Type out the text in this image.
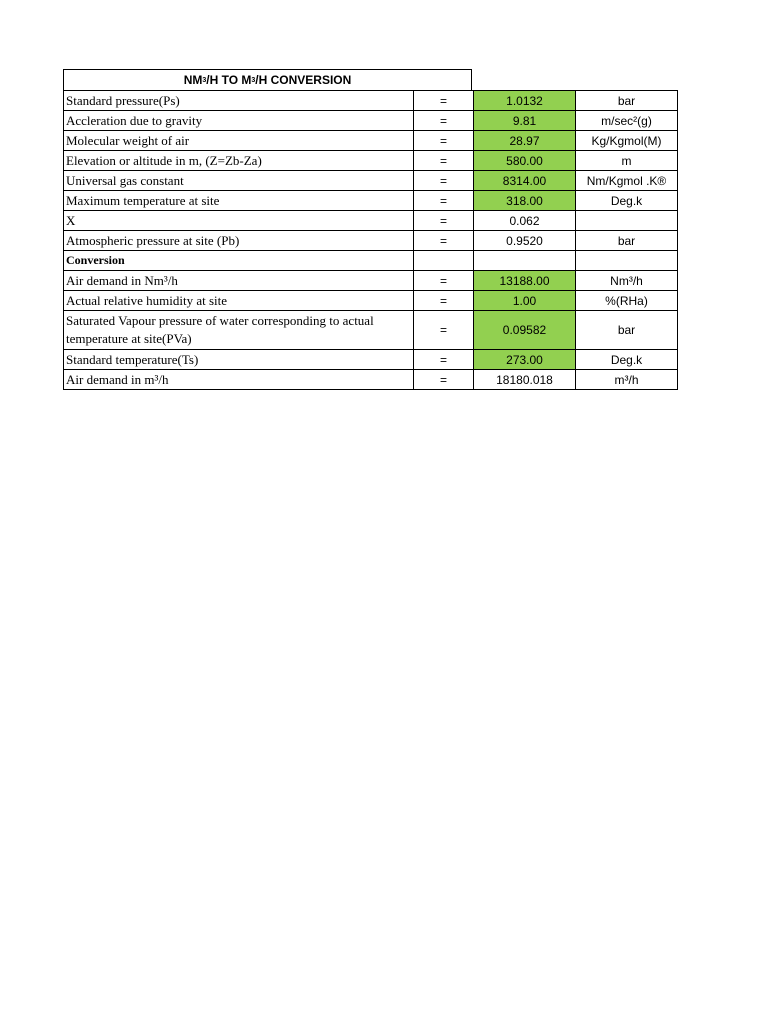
NM 3 /H TO M 3 /H CONVERSION
Standard pressure(Ps)	=	1.0132	bar
Accleration due to gravity	=	9.81	m/sec²(g)
Molecular weight of air	=	28.97	Kg/Kgmol(M)
Elevation or altitude in m, (Z=Zb-Za)	=	580.00	m
Universal gas constant	=	8314.00	Nm/Kgmol .K®
Maximum temperature at site	=	318.00	Deg.k
X	=	0.062	
Atmospheric pressure at site (Pb)	=	0.9520	bar
Conversion			
Air demand in Nm³/h	=	13188.00	Nm³/h
Actual relative humidity at site	=	1.00	%(RHa)
Saturated Vapour pressure of water corresponding to actual temperature at site(PVa)	=	0.09582	bar
Standard temperature(Ts)	=	273.00	Deg.k
Air demand in m³/h	=	18180.018	m³/h
